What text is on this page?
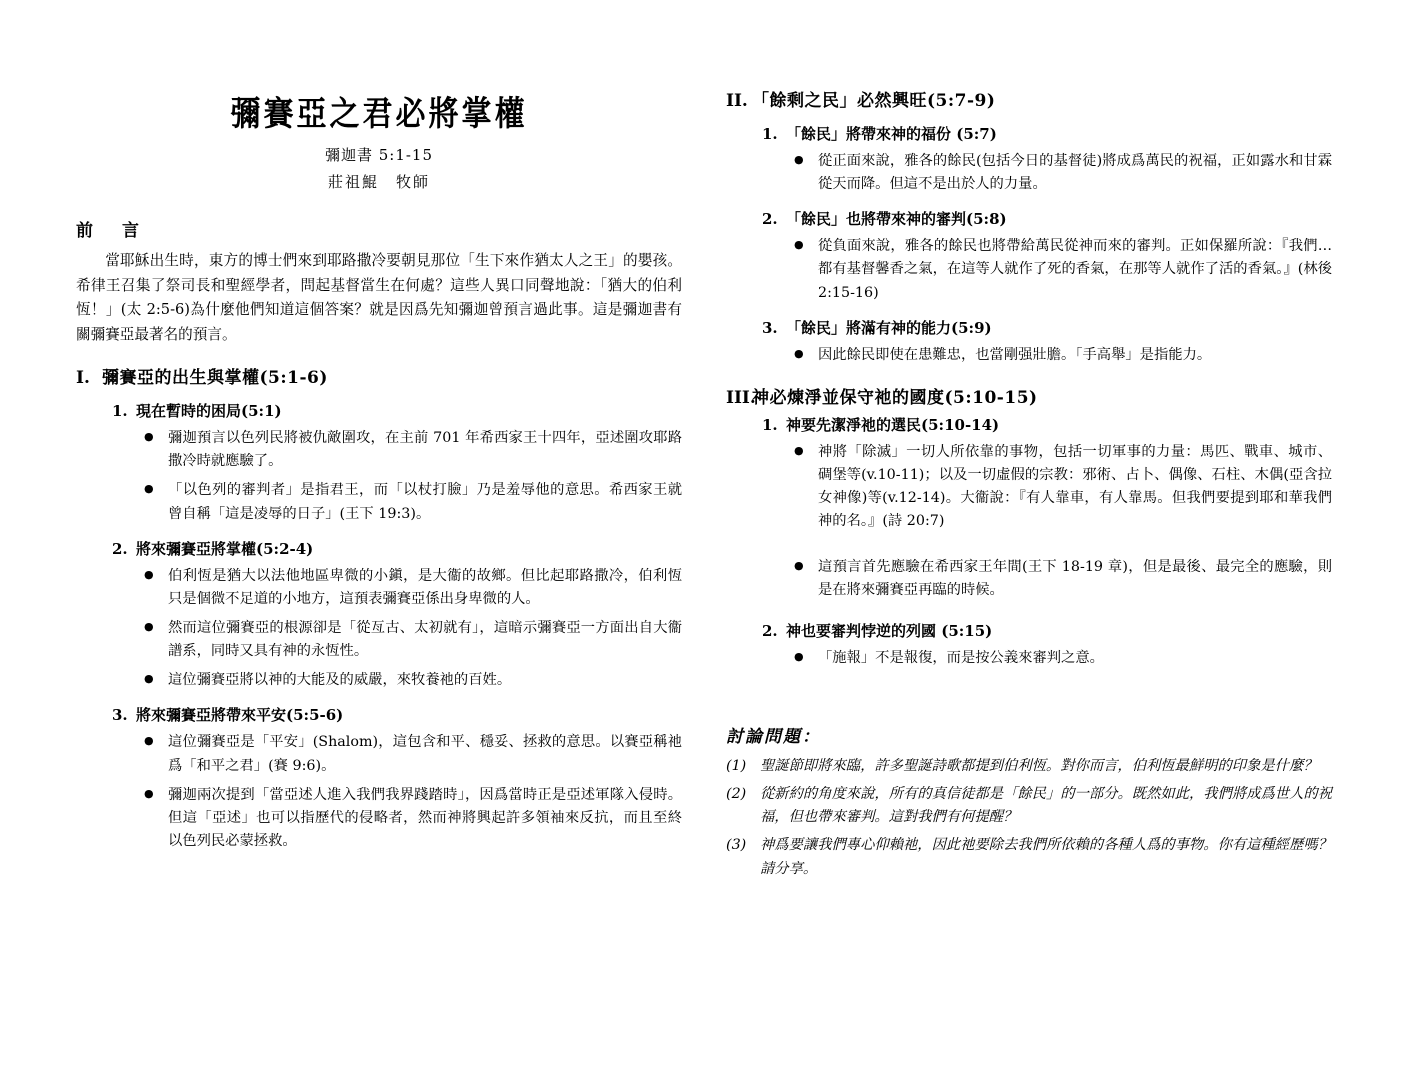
彌賽亞之君必將掌權
彌迦書 5:1-15
莊祖鯤　牧師
前　言
當耶穌出生時，東方的博士們來到耶路撒冷要朝見那位「生下來作猶太人之王」的嬰孩。希律王召集了祭司長和聖經學者，問起基督當生在何處？這些人異口同聲地說：「猶大的伯利恆！」(太 2:5-6)為什麼他們知道這個答案？就是因爲先知彌迦曾預言過此事。這是彌迦書有關彌賽亞最著名的預言。
I. 彌賽亞的出生與掌權(5:1-6)
1. 現在暫時的困局(5:1)
●	彌迦預言以色列民將被仇敵圍攻，在主前 701 年希西家王十四年，亞述圍攻耶路撒冷時就應驗了。
●	「以色列的審判者」是指君王，而「以杖打臉」乃是羞辱他的意思。希西家王就曾自稱「這是凌辱的日子」(王下 19:3)。
2. 將來彌賽亞將掌權(5:2-4)
●	伯利恆是猶大以法他地區卑微的小鎭，是大衞的故鄉。但比起耶路撒冷，伯利恆只是個微不足道的小地方，這預表彌賽亞係出身卑微的人。
●	然而這位彌賽亞的根源卻是「從亙古、太初就有」，這暗示彌賽亞一方面出自大衞譜系，同時又具有神的永恆性。
●	這位彌賽亞將以神的大能及的威嚴，來牧養祂的百姓。
3. 將來彌賽亞將帶來平安(5:5-6)
●	這位彌賽亞是「平安」(Shalom)，這包含和平、穩妥、拯救的意思。以賽亞稱祂爲「和平之君」(賽 9:6)。
●	彌迦兩次提到「當亞述人進入我們我界踐踏時」，因爲當時正是亞述軍隊入侵時。但這「亞述」也可以指歷代的侵略者，然而神將興起許多領袖來反抗，而且至終以色列民必蒙拯救。
II. 「餘剩之民」必然興旺(5:7-9)
1. 「餘民」將帶來神的福份 (5:7)
●	從正面來說，雅各的餘民(包括今日的基督徒)將成爲萬民的祝福，正如露水和甘霖從天而降。但這不是出於人的力量。
2. 「餘民」也將帶來神的審判(5:8)
●	從負面來說，雅各的餘民也將帶給萬民從神而來的審判。正如保羅所說：『我們…都有基督馨香之氣，在這等人就作了死的香氣，在那等人就作了活的香氣。』(林後 2:15-16)
3. 「餘民」將滿有神的能力(5:9)
●	因此餘民即使在患難忠，也當剛强壯膽。「手高舉」是指能力。
III.
神必煉淨並保守祂的國度(5:10-15)
1. 神要先潔淨祂的選民(5:10-14)
●	神將「除滅」一切人所依靠的事物，包括一切軍事的力量：馬匹、戰車、城市、碉堡等(v.10-11)；以及一切虛假的宗教：邪術、占卜、偶像、石柱、木偶(亞含拉女神像)等(v.12-14)。大衞說：『有人靠車，有人靠馬。但我們要提到耶和華我們神的名。』(詩 20:7)
●	這預言首先應驗在希西家王年間(王下 18-19 章)，但是最後、最完全的應驗，則是在將來彌賽亞再臨的時候。
2. 神也要審判悖逆的列國 (5:15)
●	「施報」不是報復，而是按公義來審判之意。
討論問題：
(1) 聖誕節即將來臨，許多聖誕詩歌都提到伯利恆。對你而言，伯利恆最鮮明的印象是什麼？
(2) 從新約的角度來說，所有的真信徒都是「餘民」的一部分。既然如此，我們將成爲世人的祝福，但也帶來審判。這對我們有何提醒？
(3) 神爲要讓我們專心仰賴祂，因此祂要除去我們所依賴的各種人爲的事物。你有這種經歷嗎？請分享。
